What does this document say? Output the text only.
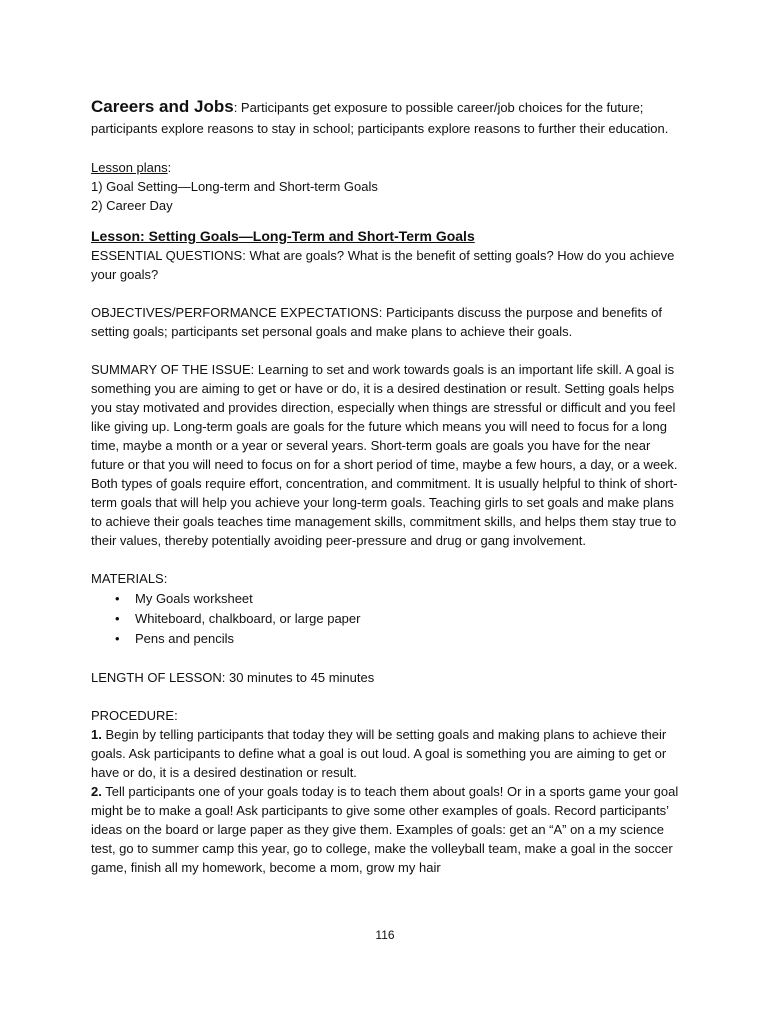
Careers and Jobs: Participants get exposure to possible career/job choices for the future; participants explore reasons to stay in school; participants explore reasons to further their education.

Lesson plans:
1) Goal Setting—Long-term and Short-term Goals
2) Career Day
Lesson: Setting Goals—Long-Term and Short-Term Goals

ESSENTIAL QUESTIONS: What are goals? What is the benefit of setting goals? How do you achieve your goals?

OBJECTIVES/PERFORMANCE EXPECTATIONS: Participants discuss the purpose and benefits of setting goals; participants set personal goals and make plans to achieve their goals.

SUMMARY OF THE ISSUE: Learning to set and work towards goals is an important life skill. A goal is something you are aiming to get or have or do, it is a desired destination or result. Setting goals helps you stay motivated and provides direction, especially when things are stressful or difficult and you feel like giving up. Long-term goals are goals for the future which means you will need to focus for a long time, maybe a month or a year or several years. Short-term goals are goals you have for the near future or that you will need to focus on for a short period of time, maybe a few hours, a day, or a week. Both types of goals require effort, concentration, and commitment. It is usually helpful to think of short-term goals that will help you achieve your long-term goals. Teaching girls to set goals and make plans to achieve their goals teaches time management skills, commitment skills, and helps them stay true to their values, thereby potentially avoiding peer-pressure and drug or gang involvement.

MATERIALS:
• My Goals worksheet
• Whiteboard, chalkboard, or large paper
• Pens and pencils
LENGTH OF LESSON: 30 minutes to 45 minutes
PROCEDURE:

1. Begin by telling participants that today they will be setting goals and making plans to achieve their goals. Ask participants to define what a goal is out loud. A goal is something you are aiming to get or have or do, it is a desired destination or result.

2. Tell participants one of your goals today is to teach them about goals! Or in a sports game your goal might be to make a goal! Ask participants to give some other examples of goals. Record participants’ ideas on the board or large paper as they give them. Examples of goals: get an “A” on a my science test, go to summer camp this year, go to college, make the volleyball team, make a goal in the soccer game, finish all my homework, become a mom, grow my hair

116
